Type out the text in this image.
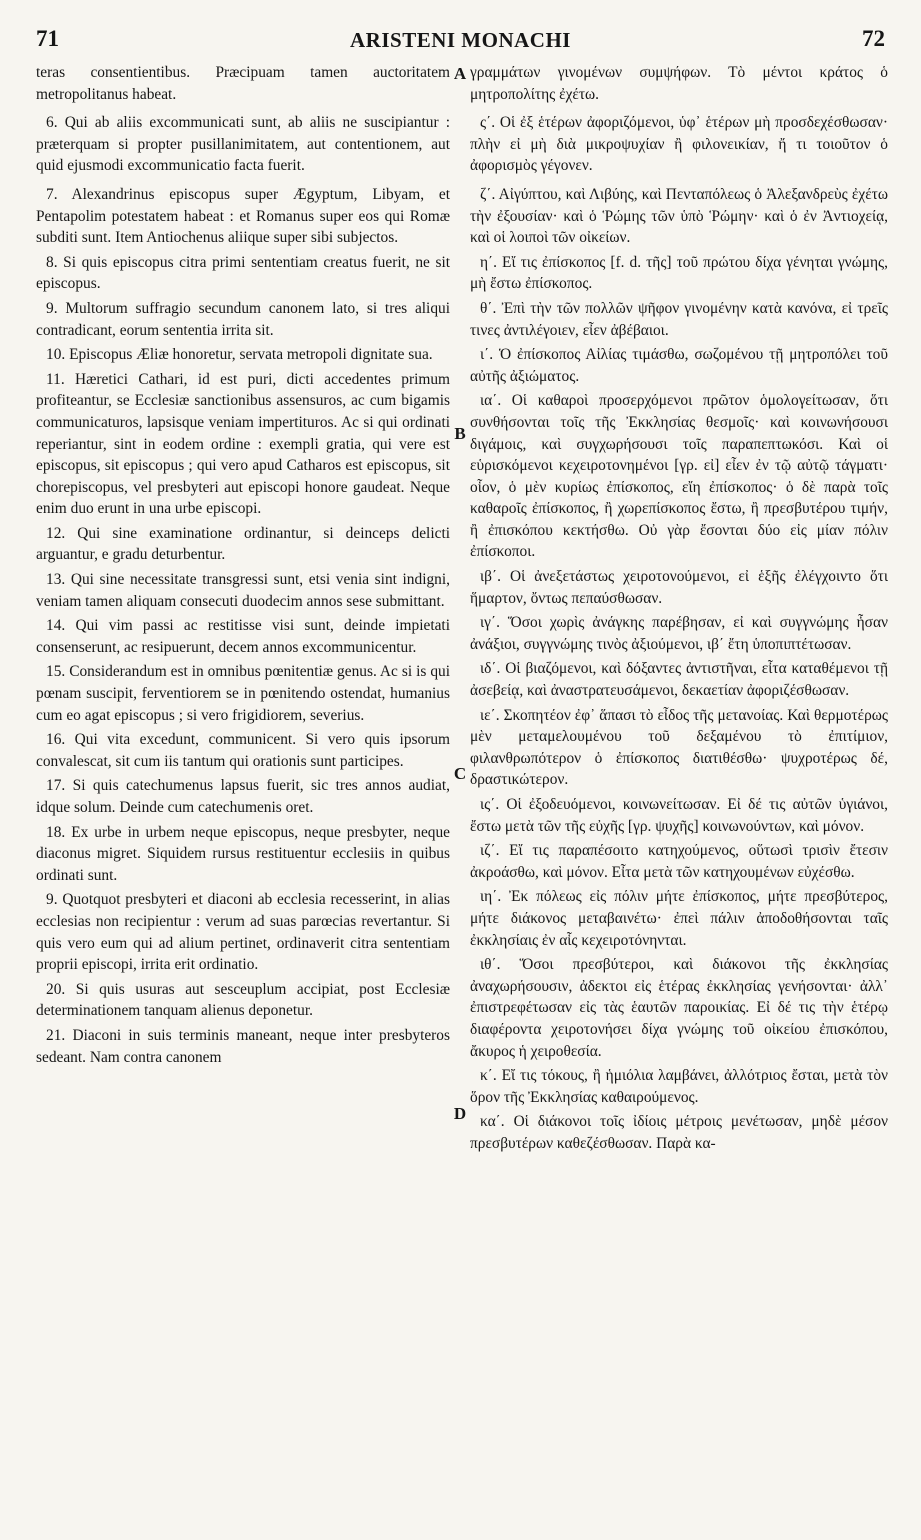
71	ARISTENI MONACHI	72

teras consentientibus. Præcipuam tamen auctoritatem metropolitanus habeat.

6. Qui ab aliis excommunicati sunt, ab aliis ne suscipiantur : præterquam si propter pusillanimitatem, aut contentionem, aut quid ejusmodi excommunicatio facta fuerit.

7. Alexandrinus episcopus super Ægyptum, Libyam, et Pentapolim potestatem habeat : et Romanus super eos qui Romæ subditi sunt. Item Antiochenus aliique super sibi subjectos.

8. Si quis episcopus citra primi sententiam creatus fuerit, ne sit episcopus.

9. Multorum suffragio secundum canonem lato, si tres aliqui contradicant, eorum sententia irrita sit.

10. Episcopus Æliæ honoretur, servata metropoli dignitate sua.

11. Hæretici Cathari, id est puri, dicti accedentes primum profiteantur, se Ecclesiæ sanctionibus assensuros, ac cum bigamis communicaturos, lapsisque veniam impertituros. Ac si qui ordinati reperiantur, sint in eodem ordine : exempli gratia, qui vere est episcopus, sit episcopus ; qui vero apud Catharos est episcopus, sit chorepiscopus, vel presbyteri aut episcopi honore gaudeat. Neque enim duo erunt in una urbe episcopi.

12. Qui sine examinatione ordinantur, si deinceps delicti arguantur, e gradu deturbentur.

13. Qui sine necessitate transgressi sunt, etsi venia sint indigni, veniam tamen aliquam consecuti duodecim annos sese submittant.

14. Qui vim passi ac restitisse visi sunt, deinde impietati consenserunt, ac resipuerunt, decem annos excommunicentur.

15. Considerandum est in omnibus pœnitentiæ genus. Ac si is qui pœnam suscipit, ferventiorem se in pœnitendo ostendat, humanius cum eo agat episcopus ; si vero frigidiorem, severius.

16. Qui vita excedunt, communicent. Si vero quis ipsorum convalescat, sit cum iis tantum qui orationis sunt participes.

17. Si quis catechumenus lapsus fuerit, sic tres annos audiat, idque solum. Deinde cum catechumenis oret.

18. Ex urbe in urbem neque episcopus, neque presbyter, neque diaconus migret. Siquidem rursus restituentur ecclesiis in quibus ordinati sunt.

9. Quotquot presbyteri et diaconi ab ecclesia recesserint, in alias ecclesias non recipientur : verum ad suas parœcias revertantur. Si quis vero eum qui ad alium pertinet, ordinaverit citra sententiam proprii episcopi, irrita erit ordinatio.

20. Si quis usuras aut sesceuplum accipiat, post Ecclesiæ determinationem tanquam alienus deponetur.

21. Diaconi in suis terminis maneant, neque inter presbyteros sedeant. Nam contra canonem

A
B
C
D

γραμμάτων γινομένων συμψήφων. Τὸ μέντοι κράτος ὁ μητροπολίτης ἐχέτω.

ς΄. Οἱ ἐξ ἑτέρων ἀφοριζόμενοι, ὑφ᾽ ἑτέρων μὴ προσδεχέσθωσαν· πλὴν εἰ μὴ διὰ μικροψυχίαν ἢ φιλονεικίαν, ἤ τι τοιοῦτον ὁ ἀφορισμὸς γέγονεν.

ζ΄. Αἰγύπτου, καὶ Λιβύης, καὶ Πενταπόλεως ὁ Ἀλεξανδρεὺς ἐχέτω τὴν ἐξουσίαν· καὶ ὁ Ῥώμης τῶν ὑπὸ Ῥώμην· καὶ ὁ ἐν Ἀντιοχείᾳ, καὶ οἱ λοιποὶ τῶν οἰκείων.

η΄. Εἴ τις ἐπίσκοπος [f. d. τῆς] τοῦ πρώτου δίχα γένηται γνώμης, μὴ ἔστω ἐπίσκοπος.

θ΄. Ἐπὶ τὴν τῶν πολλῶν ψῆφον γινομένην κατὰ κανόνα, εἰ τρεῖς τινες ἀντιλέγοιεν, εἶεν ἀβέβαιοι.

ι΄. Ὁ ἐπίσκοπος Αἰλίας τιμάσθω, σωζομένου τῇ μητροπόλει τοῦ αὐτῆς ἀξιώματος.

ια΄. Οἱ καθαροὶ προσερχόμενοι πρῶτον ὁμολογείτωσαν, ὅτι συνθήσονται τοῖς τῆς Ἐκκλησίας θεσμοῖς· καὶ κοινωνήσουσι διγάμοις, καὶ συγχωρήσουσι τοῖς παραπεπτωκόσι. Καὶ οἱ εὑρισκόμενοι κεχειροτονημένοι [γρ. εἰ] εἶεν ἐν τῷ αὐτῷ τάγματι· οἷον, ὁ μὲν κυρίως ἐπίσκοπος, εἴη ἐπίσκοπος· ὁ δὲ παρὰ τοῖς καθαροῖς ἐπίσκοπος, ἢ χωρεπίσκοπος ἔστω, ἢ πρεσβυτέρου τιμήν, ἢ ἐπισκόπου κεκτήσθω. Οὐ γὰρ ἔσονται δύο εἰς μίαν πόλιν ἐπίσκοποι.

ιβ΄. Οἱ ἀνεξετάστως χειροτονούμενοι, εἰ ἑξῆς ἐλέγχοιντο ὅτι ἥμαρτον, ὄντως πεπαύσθωσαν.

ιγ΄. Ὅσοι χωρὶς ἀνάγκης παρέβησαν, εἰ καὶ συγγνώμης ἦσαν ἀνάξιοι, συγγνώμης τινὸς ἀξιούμενοι, ιβ΄ ἔτη ὑποπιπτέτωσαν.

ιδ΄. Οἱ βιαζόμενοι, καὶ δόξαντες ἀντιστῆναι, εἶτα καταθέμενοι τῇ ἀσεβείᾳ, καὶ ἀναστρατευσάμενοι, δεκαετίαν ἀφοριζέσθωσαν.

ιε΄. Σκοπητέον ἐφ᾽ ἅπασι τὸ εἶδος τῆς μετανοίας. Καὶ θερμοτέρως μὲν μεταμελουμένου τοῦ δεξαμένου τὸ ἐπιτίμιον, φιλανθρωπότερον ὁ ἐπίσκοπος διατιθέσθω· ψυχροτέρως δέ, δραστικώτερον.

ις΄. Οἱ ἐξοδευόμενοι, κοινωνείτωσαν. Εἰ δέ τις αὐτῶν ὑγιάνοι, ἔστω μετὰ τῶν τῆς εὐχῆς [γρ. ψυχῆς] κοινωνούντων, καὶ μόνον.

ιζ΄. Εἴ τις παραπέσοιτο κατηχούμενος, οὕτωσὶ τρισὶν ἔτεσιν ἀκροάσθω, καὶ μόνον. Εἶτα μετὰ τῶν κατηχουμένων εὐχέσθω.

ιη΄. Ἐκ πόλεως εἰς πόλιν μήτε ἐπίσκοπος, μήτε πρεσβύτερος, μήτε διάκονος μεταβαινέτω· ἐπεὶ πάλιν ἀποδοθήσονται ταῖς ἐκκλησίαις ἐν αἷς κεχειροτόνηνται.

ιθ΄. Ὅσοι πρεσβύτεροι, καὶ διάκονοι τῆς ἐκκλησίας ἀναχωρήσουσιν, ἀδεκτοι εἰς ἑτέρας ἐκκλησίας γενήσονται· ἀλλ᾽ ἐπιστρεφέτωσαν εἰς τὰς ἑαυτῶν παροικίας. Εἰ δέ τις τὴν ἑτέρῳ διαφέροντα χειροτονήσει δίχα γνώμης τοῦ οἰκείου ἐπισκόπου, ἄκυρος ἡ χειροθεσία.

κ΄. Εἴ τις τόκους, ἢ ἡμιόλια λαμβάνει, ἀλλότριος ἔσται, μετὰ τὸν ὅρον τῆς Ἐκκλησίας καθαιρούμενος.

κα΄. Οἱ διάκονοι τοῖς ἰδίοις μέτροις μενέτωσαν, μηδὲ μέσον πρεσβυτέρων καθεζέσθωσαν. Παρὰ κα-
